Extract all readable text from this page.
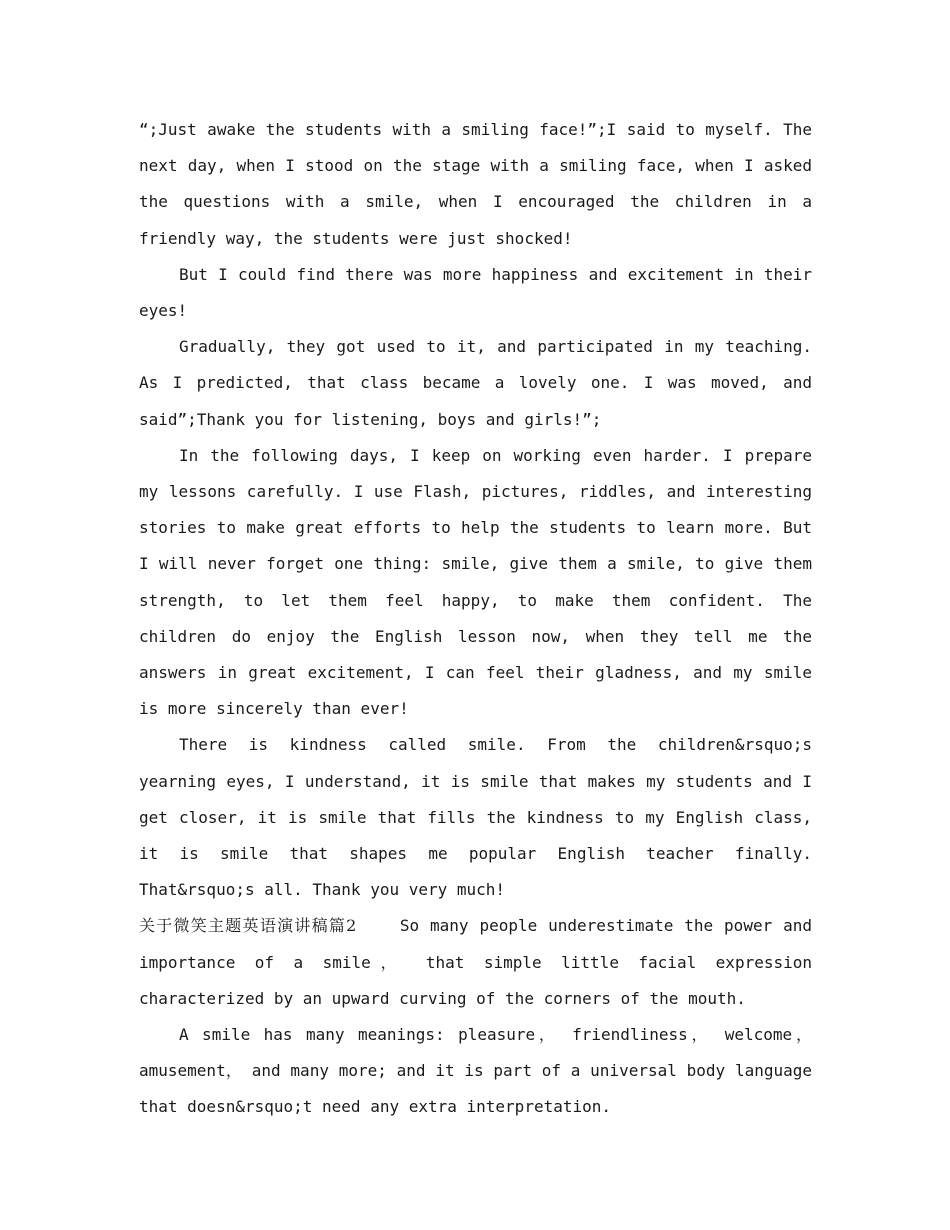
“;Just awake the students with a smiling face!”;I said to myself. The next day, when I stood on the stage with a smiling face, when I asked the questions with a smile, when I encouraged the children in a friendly way, the students were just shocked!

But I could find there was more happiness and excitement in their eyes!

Gradually, they got used to it, and participated in my teaching. As I predicted, that class became a lovely one. I was moved, and said”;Thank you for listening, boys and girls!”;

In the following days, I keep on working even harder. I prepare my lessons carefully. I use Flash, pictures, riddles, and interesting stories to make great efforts to help the students to learn more. But I will never forget one thing: smile, give them a smile, to give them strength, to let them feel happy, to make them confident. The children do enjoy the English lesson now, when they tell me the answers in great excitement, I can feel their gladness, and my smile is more sincerely than ever!

There is kindness called smile. From the children&rsquo;s yearning eyes, I understand, it is smile that makes my students and I get closer, it is smile that fills the kindness to my English class, it is smile that shapes me popular English teacher finally. That&rsquo;s all. Thank you very much!

关于微笑主题英语演讲稿篇2	So many people underestimate the power and importance of a smile， that simple little facial expression characterized by an upward curving of the corners of the mouth.

A smile has many meanings: pleasure， friendliness， welcome， amusement， and many more; and it is part of a universal body language that doesn&rsquo;t need any extra interpretation.
